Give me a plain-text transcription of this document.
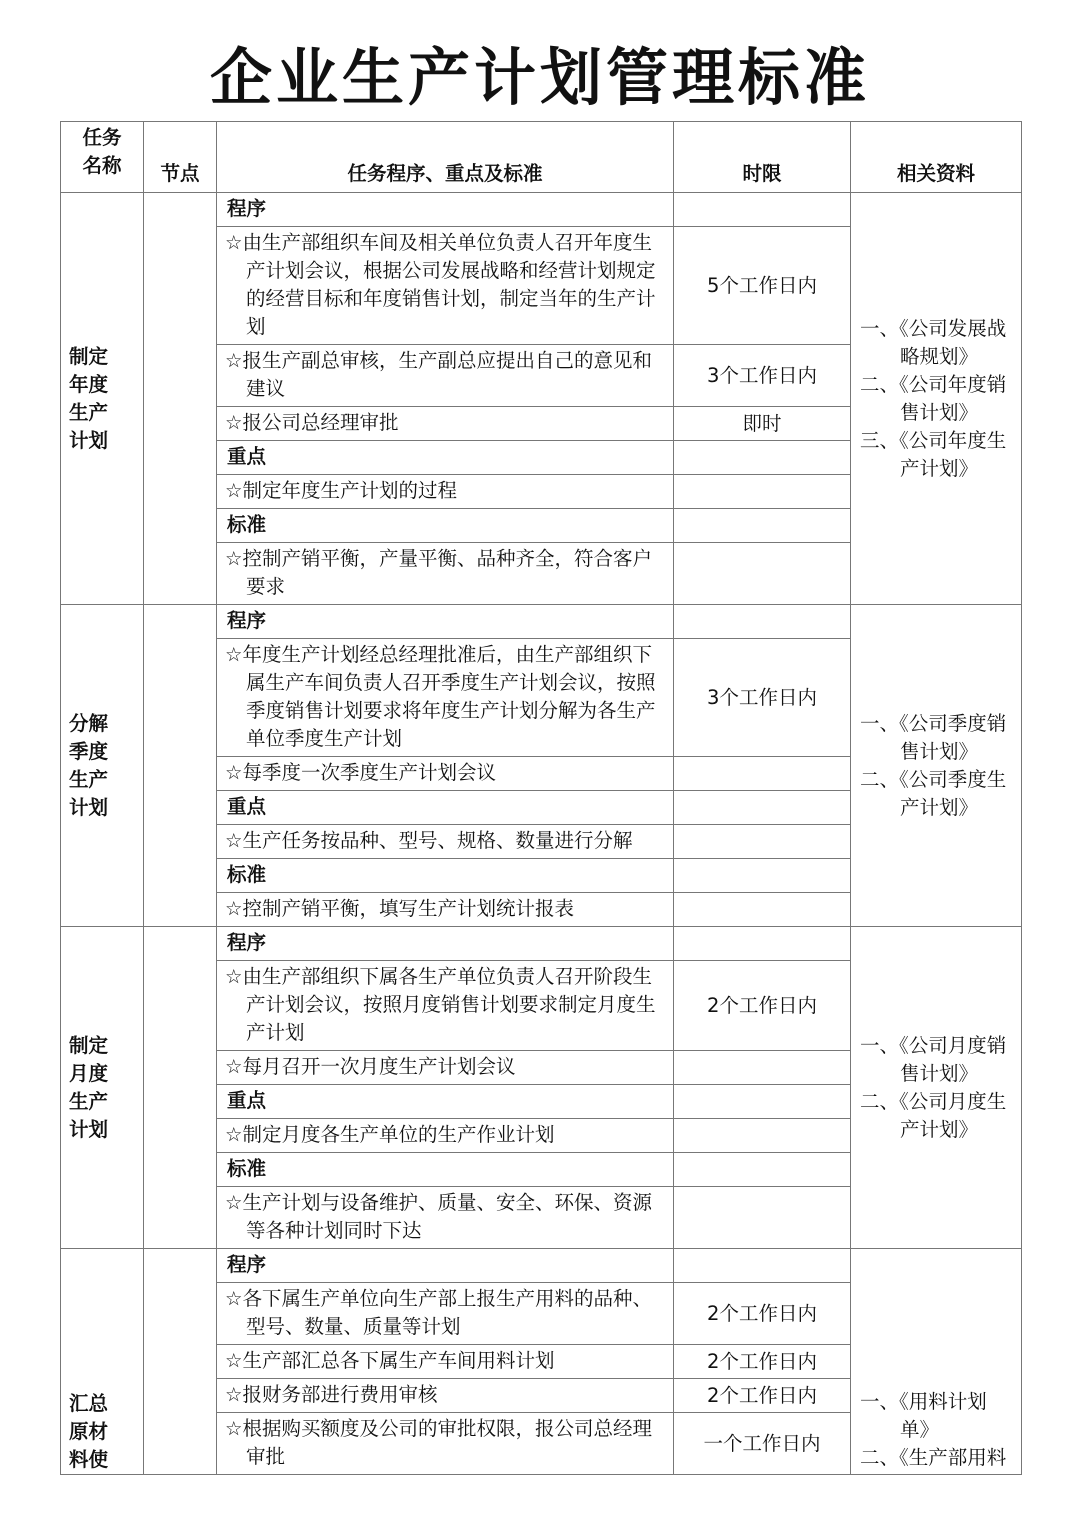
企业生产计划管理标准
任务名称	节点	任务程序、重点及标准	时限	相关资料

制定年度生产计划		程序		一、《公司发展战略规划》
二、《公司年度销售计划》
三、《公司年度生产计划》

		☆由生产部组织车间及相关单位负责人召开年度生产计划会议，根据公司发展战略和经营计划规定的经营目标和年度销售计划，制定当年的生产计划	5个工作日内	
		☆报生产副总审核，生产副总应提出自己的意见和建议	3个工作日内	
		☆报公司总经理审批	即时	
		重点		
		☆制定年度生产计划的过程		
		标准		
		☆控制产销平衡，产量平衡、品种齐全，符合客户要求		

分解季度生产计划		程序		一、《公司季度销售计划》
二、《公司季度生产计划》

		☆年度生产计划经总经理批准后，由生产部组织下属生产车间负责人召开季度生产计划会议，按照季度销售计划要求将年度生产计划分解为各生产单位季度生产计划	3个工作日内	
		☆每季度一次季度生产计划会议		
		重点		
		☆生产任务按品种、型号、规格、数量进行分解		
		标准		
		☆控制产销平衡，填写生产计划统计报表		

制定月度生产计划		程序		一、《公司月度销售计划》
二、《公司月度生产计划》

		☆由生产部组织下属各生产单位负责人召开阶段生产计划会议，按照月度销售计划要求制定月度生产计划	2个工作日内	
		☆每月召开一次月度生产计划会议		
		重点		
		☆制定月度各生产单位的生产作业计划		
		标准		
		☆生产计划与设备维护、质量、安全、环保、资源等各种计划同时下达		

汇总原材料使		程序		一、《用料计划单》
二、《生产部用料

		☆各下属生产单位向生产部上报生产用料的品种、型号、数量、质量等计划	2个工作日内	
		☆生产部汇总各下属生产车间用料计划	2个工作日内	
		☆报财务部进行费用审核	2个工作日内	
		☆根据购买额度及公司的审批权限，报公司总经理审批	一个工作日内	
